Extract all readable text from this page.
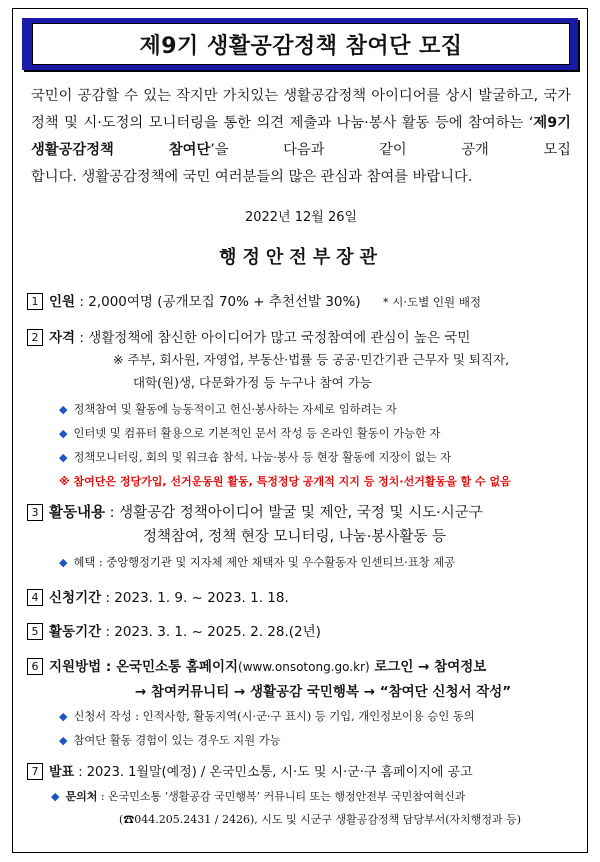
제9기 생활공감정책 참여단 모집
국민이 공감할 수 있는 작지만 가치있는 생활공감정책 아이디어를 상시 발굴하고, 국가정책 및 시·도정의 모니터링을 통한 의견 제출과 나눔·봉사 활동 등에 참여하는 ‘제9기 생활공감정책 참여단’을 다음과 같이 공개 모집
합니다. 생활공감정책에 국민 여러분들의 많은 관심과 참여를 바랍니다.
2022년 12월 26일
행정안전부장관
1 인원 : 2,000여명 (공개모집 70% + 추천선발 30%) * 시·도별 인원 배정
2 자격 : 생활정책에 참신한 아이디어가 많고 국정참여에 관심이 높은 국민
※ 주부, 회사원, 자영업, 부동산·법률 등 공공·민간기관 근무자 및 퇴직자,
대학(원)생, 다문화가정 등 누구나 참여 가능
◆ 정책참여 및 활동에 능동적이고 헌신·봉사하는 자세로 임하려는 자
◆ 인터넷 및 컴퓨터 활용으로 기본적인 문서 작성 등 온라인 활동이 가능한 자
◆ 정책모니터링, 회의 및 워크숍 참석, 나눔·봉사 등 현장 활동에 지장이 없는 자
※ 참여단은 정당가입, 선거운동원 활동, 특정정당 공개적 지지 등 정치·선거활동을 할 수 없음
3 활동내용 : 생활공감 정책아이디어 발굴 및 제안, 국정 및 시도·시군구
정책참여, 정책 현장 모니터링, 나눔·봉사활동 등
◆ 혜택 : 중앙행정기관 및 지자체 제안 채택자 및 우수활동자 인센티브·표창 제공
4 신청기간 : 2023. 1. 9. ~ 2023. 1. 18.
5 활동기간 : 2023. 3. 1. ~ 2025. 2. 28.(2년)
6 지원방법 : 온국민소통 홈페이지(www.onsotong.go.kr) 로그인 → 참여정보
→ 참여커뮤니티 → 생활공감 국민행복 → “참여단 신청서 작성”
◆ 신청서 작성 : 인적사항, 활동지역(시·군·구 표시) 등 기입, 개인정보이용 승인 동의
◆ 참여단 활동 경험이 있는 경우도 지원 가능
7 발표 : 2023. 1월말(예정) / 온국민소통, 시·도 및 시·군·구 홈페이지에 공고
◆ 문의처 : 온국민소통 ‘생활공감 국민행복’ 커뮤니티 또는 행정안전부 국민참여혁신과
(☎044.205.2431 / 2426), 시도 및 시군구 생활공감정책 담당부서(자치행정과 등)
